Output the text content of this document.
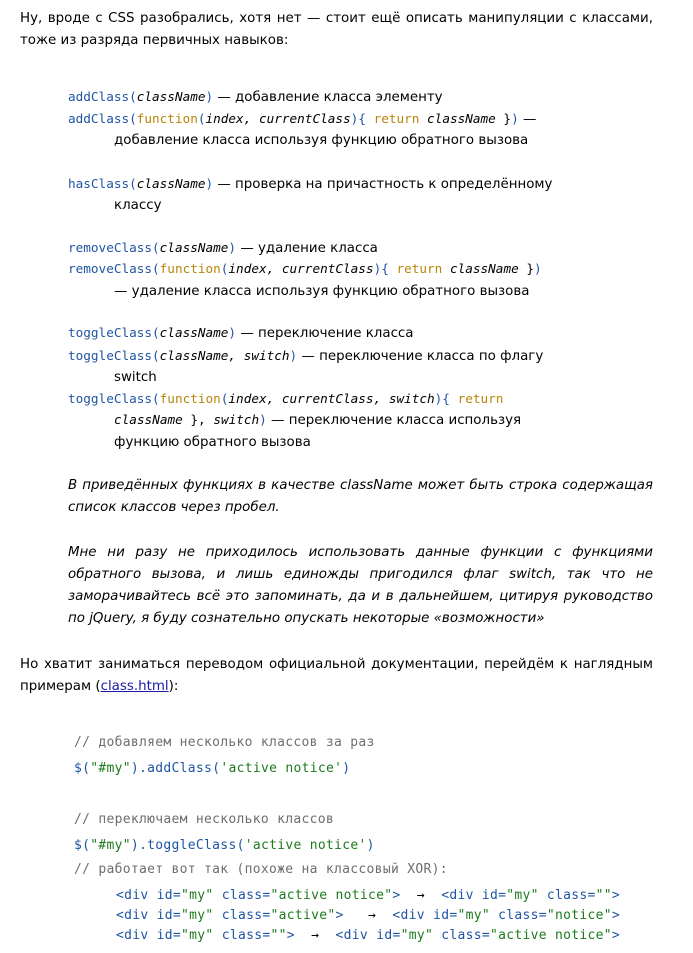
Ну, вроде с CSS разобрались, хотя нет — стоит ещё описать манипуляции с классами, тоже из разряда первичных навыков:
addClass(className) — добавление класса элементу
addClass(function(index, currentClass){ return className }) —
добавление класса используя функцию обратного вызова
hasClass(className) — проверка на причастность к определённому
классу
removeClass(className) — удаление класса
removeClass(function(index, currentClass){ return className })
— удаление класса используя функцию обратного вызова
toggleClass(className) — переключение класса
toggleClass(className, switch) — переключение класса по флагу
switch
toggleClass(function(index, currentClass, switch){ return
className }, switch) — переключение класса используя
функцию обратного вызова
В приведённых функциях в качестве className может быть строка содержащая список классов через пробел.
Мне ни разу не приходилось использовать данные функции с функциями обратного вызова, и лишь единожды пригодился флаг switch, так что не заморачивайтесь всё это запоминать, да и в дальнейшем, цитируя руководство по jQuery, я буду сознательно опускать некоторые «возможности»
Но хватит заниматься переводом официальной документации, перейдём к наглядным примерам (class.html):
// добавляем несколько классов за раз
$("#my").addClass('active notice')
// переключаем несколько классов
$("#my").toggleClass('active notice')
// работает вот так (похоже на классовый XOR):
<div id="my" class="active notice"> → <div id="my" class="">
<div id="my" class="active"> → <div id="my" class="notice">
<div id="my" class=""> → <div id="my" class="active notice">
